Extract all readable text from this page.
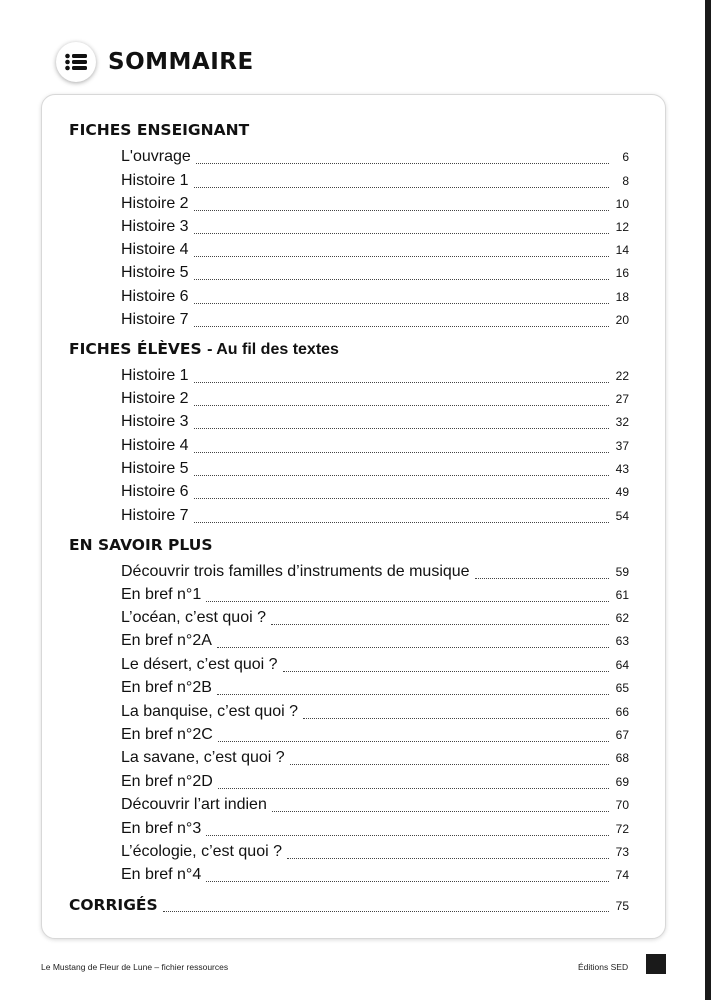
SOMMAIRE
FICHES ENSEIGNANT
L'ouvrage	6
Histoire 1	8
Histoire 2	10
Histoire 3	12
Histoire 4	14
Histoire 5	16
Histoire 6	18
Histoire 7	20
FICHES ÉLÈVES - Au fil des textes
Histoire 1	22
Histoire 2	27
Histoire 3	32
Histoire 4	37
Histoire 5	43
Histoire 6	49
Histoire 7	54
EN SAVOIR PLUS
Découvrir trois familles d’instruments de musique	59
En bref n°1	61
L’océan, c’est quoi ?	62
En bref n°2A	63
Le désert, c’est quoi ?	64
En bref n°2B	65
La banquise, c’est quoi ?	66
En bref n°2C	67
La savane, c’est quoi ?	68
En bref n°2D	69
Découvrir l’art indien	70
En bref n°3	72
L’écologie, c’est quoi ?	73
En bref n°4	74
CORRIGÉS	75
Le Mustang de Fleur de Lune – fichier ressources	Éditions SED
